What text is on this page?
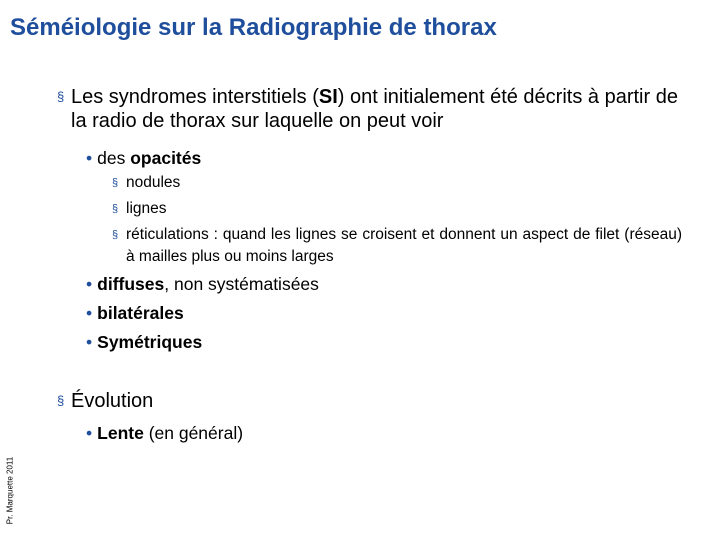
Séméiologie sur la Radiographie de thorax
§ Les syndromes interstitiels (SI) ont initialement été décrits à partir de la radio de thorax sur laquelle on peut voir
• des opacités
§ nodules
§ lignes
§ réticulations : quand les lignes se croisent et donnent un aspect de filet (réseau) à mailles plus ou moins larges
• diffuses, non systématisées
• bilatérales
• Symétriques
§ Évolution
• Lente (en général)
Pr. Marquette 2011
